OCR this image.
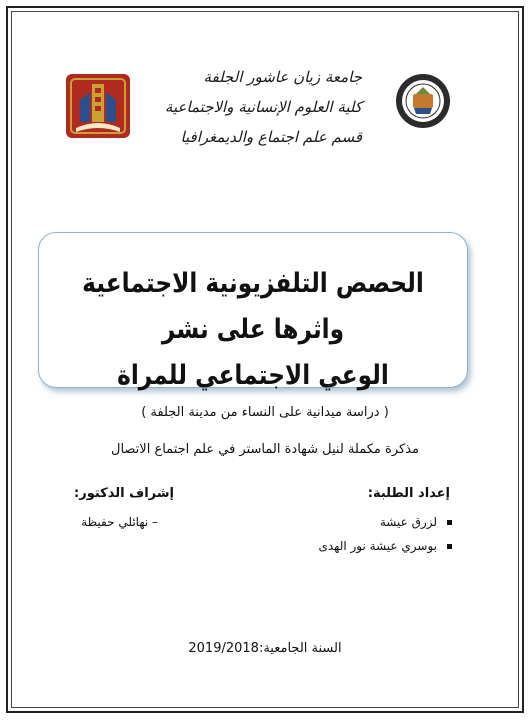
جامعة زيان عاشور الجلفة
كلية العلوم الإنسانية والاجتماعية
قسم علم اجتماع والديمغرافيا
الحصص التلفزيونية الاجتماعية واثرها على نشر
الوعي الاجتماعي للمراة
( دراسة ميدانية على النساء من مدينة الجلفة )
مذكرة مكملة لنيل شهادة الماستر في علم اجتماع الاتصال
إعداد الطلبة:
إشراف الدكتور:
لزرق عيشة
بوسري عيشة نور الهدى
– نهائلي حفيظة
السنة الجامعية:2019/2018
